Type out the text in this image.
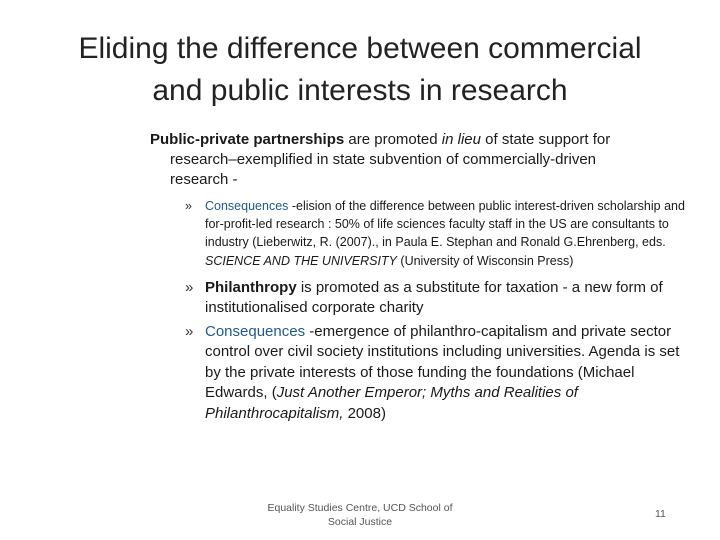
Eliding the difference between commercial
and public interests in research
Public-private partnerships are promoted in lieu of state support for
research–exemplified in state subvention of commercially-driven
research -
» Consequences -elision of the difference between public interest-driven scholarship and for-profit-led research : 50% of life sciences faculty staff in the US are consultants to industry (Lieberwitz, R. (2007)., in Paula E. Stephan and Ronald G.Ehrenberg, eds. SCIENCE AND THE UNIVERSITY (University of Wisconsin Press)
» Philanthropy is promoted as a substitute for taxation - a new form of institutionalised corporate charity
» Consequences -emergence of philanthro-capitalism and private sector control over civil society institutions including universities. Agenda is set by the private interests of those funding the foundations (Michael Edwards, (Just Another Emperor; Myths and Realities of Philanthrocapitalism, 2008)
Equality Studies Centre, UCD School of
Social Justice
11
